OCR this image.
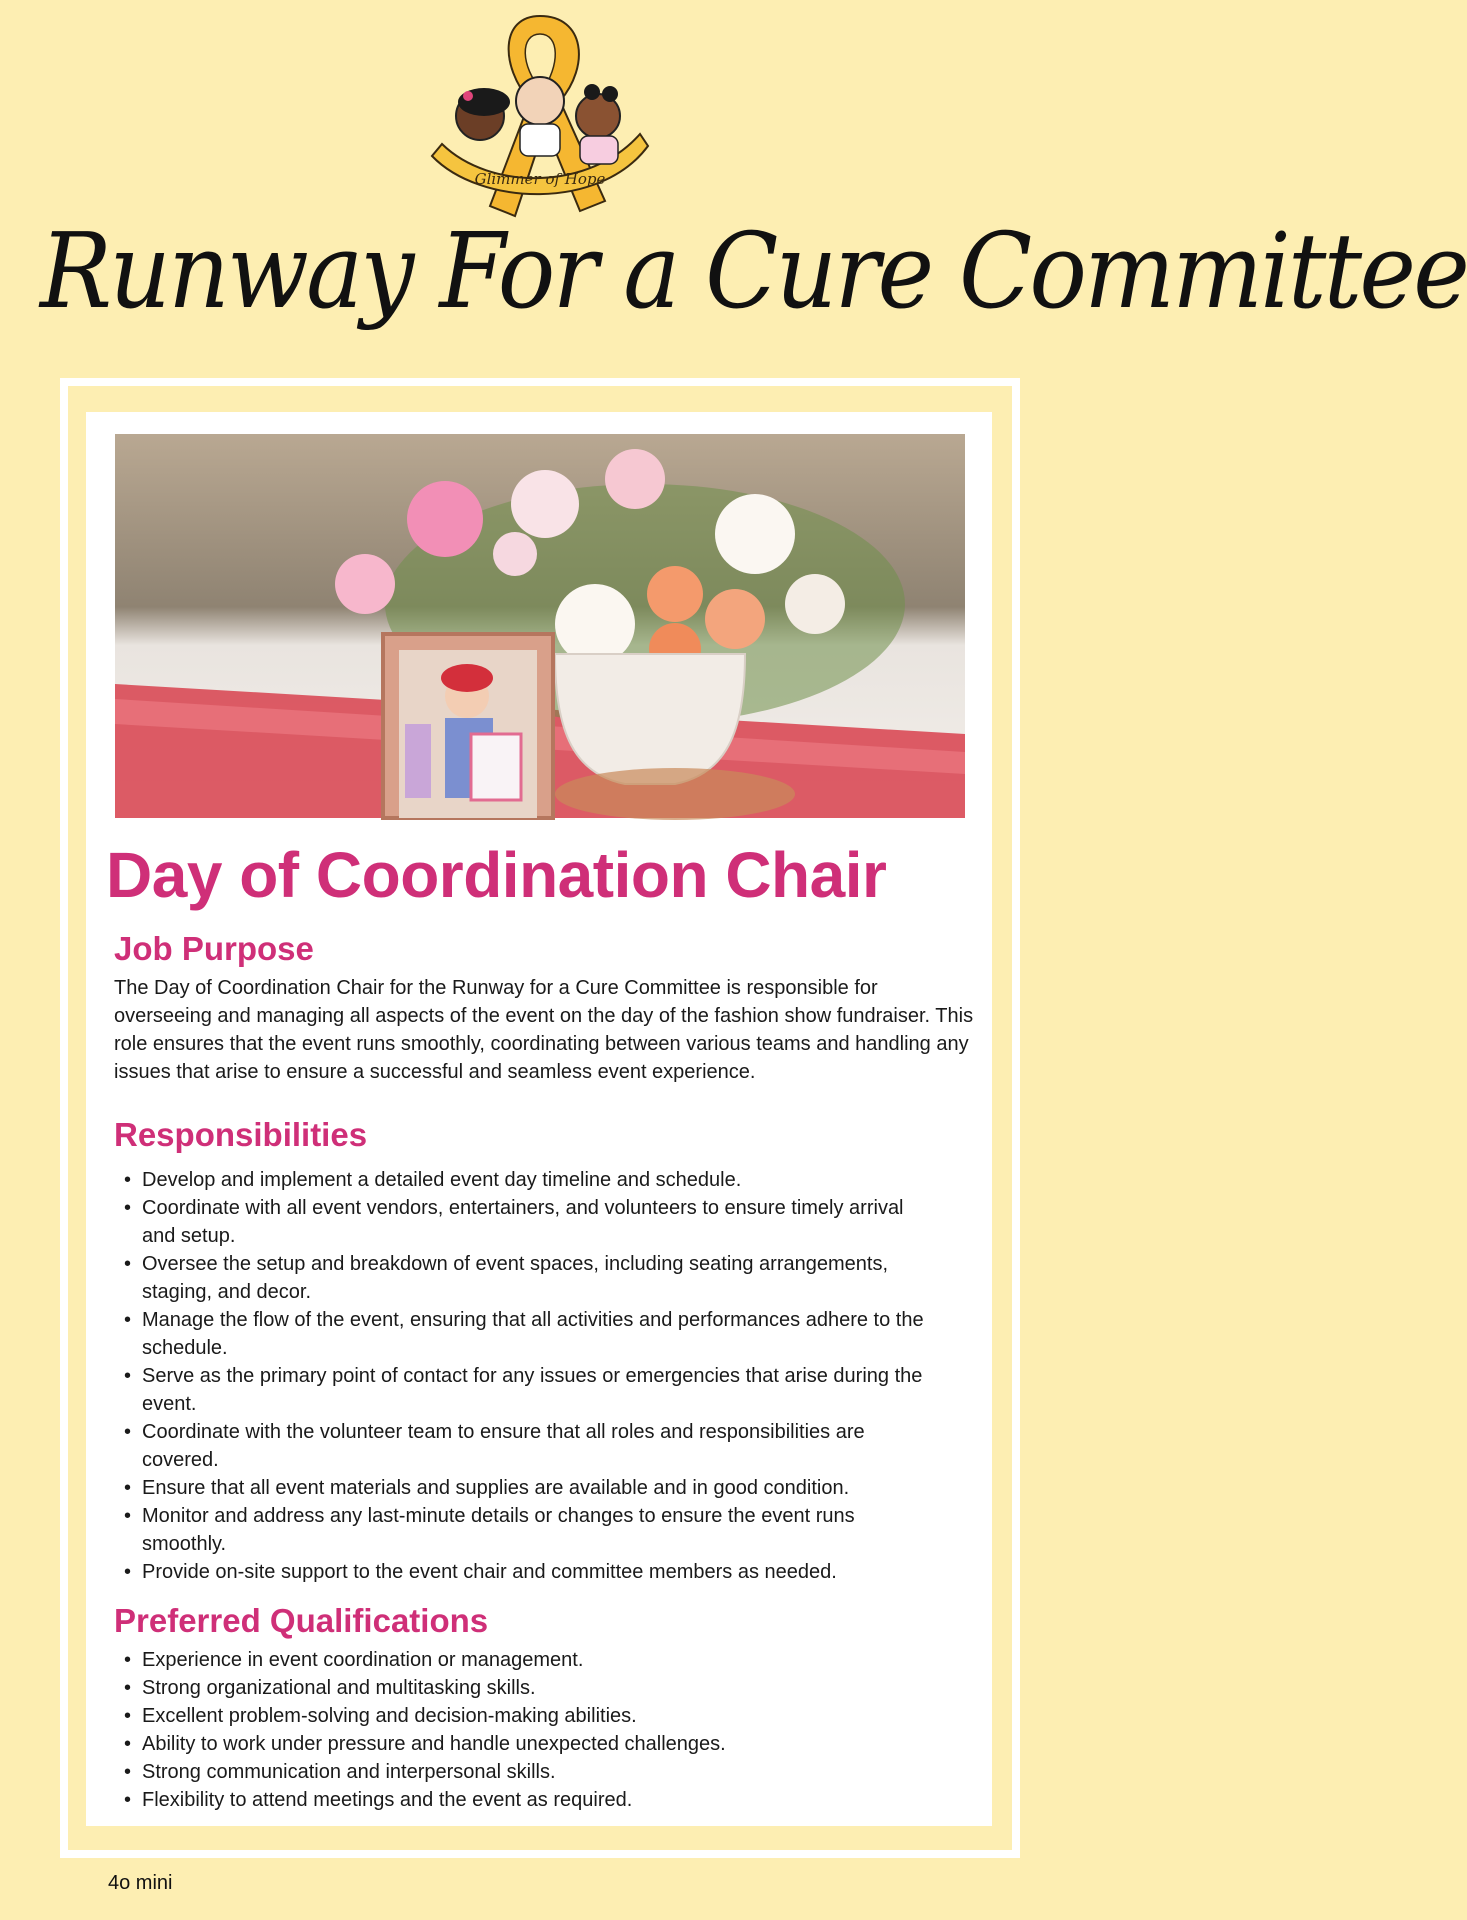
Glimmer of Hope
Runway For a Cure Committee
Day of Coordination Chair
Job Purpose

The Day of Coordination Chair for the Runway for a Cure Committee is responsible for overseeing and managing all aspects of the event on the day of the fashion show fundraiser. This role ensures that the event runs smoothly, coordinating between various teams and handling any issues that arise to ensure a successful and seamless event experience.

Responsibilities
• Develop and implement a detailed event day timeline and schedule.
• Coordinate with all event vendors, entertainers, and volunteers to ensure timely arrival and setup.
• Oversee the setup and breakdown of event spaces, including seating arrangements, staging, and decor.
• Manage the flow of the event, ensuring that all activities and performances adhere to the schedule.
• Serve as the primary point of contact for any issues or emergencies that arise during the event.
• Coordinate with the volunteer team to ensure that all roles and responsibilities are covered.
• Ensure that all event materials and supplies are available and in good condition.
• Monitor and address any last-minute details or changes to ensure the event runs smoothly.
• Provide on-site support to the event chair and committee members as needed.
Preferred Qualifications
• Experience in event coordination or management.
• Strong organizational and multitasking skills.
• Excellent problem-solving and decision-making abilities.
• Ability to work under pressure and handle unexpected challenges.
• Strong communication and interpersonal skills.
• Flexibility to attend meetings and the event as required.
4o mini
